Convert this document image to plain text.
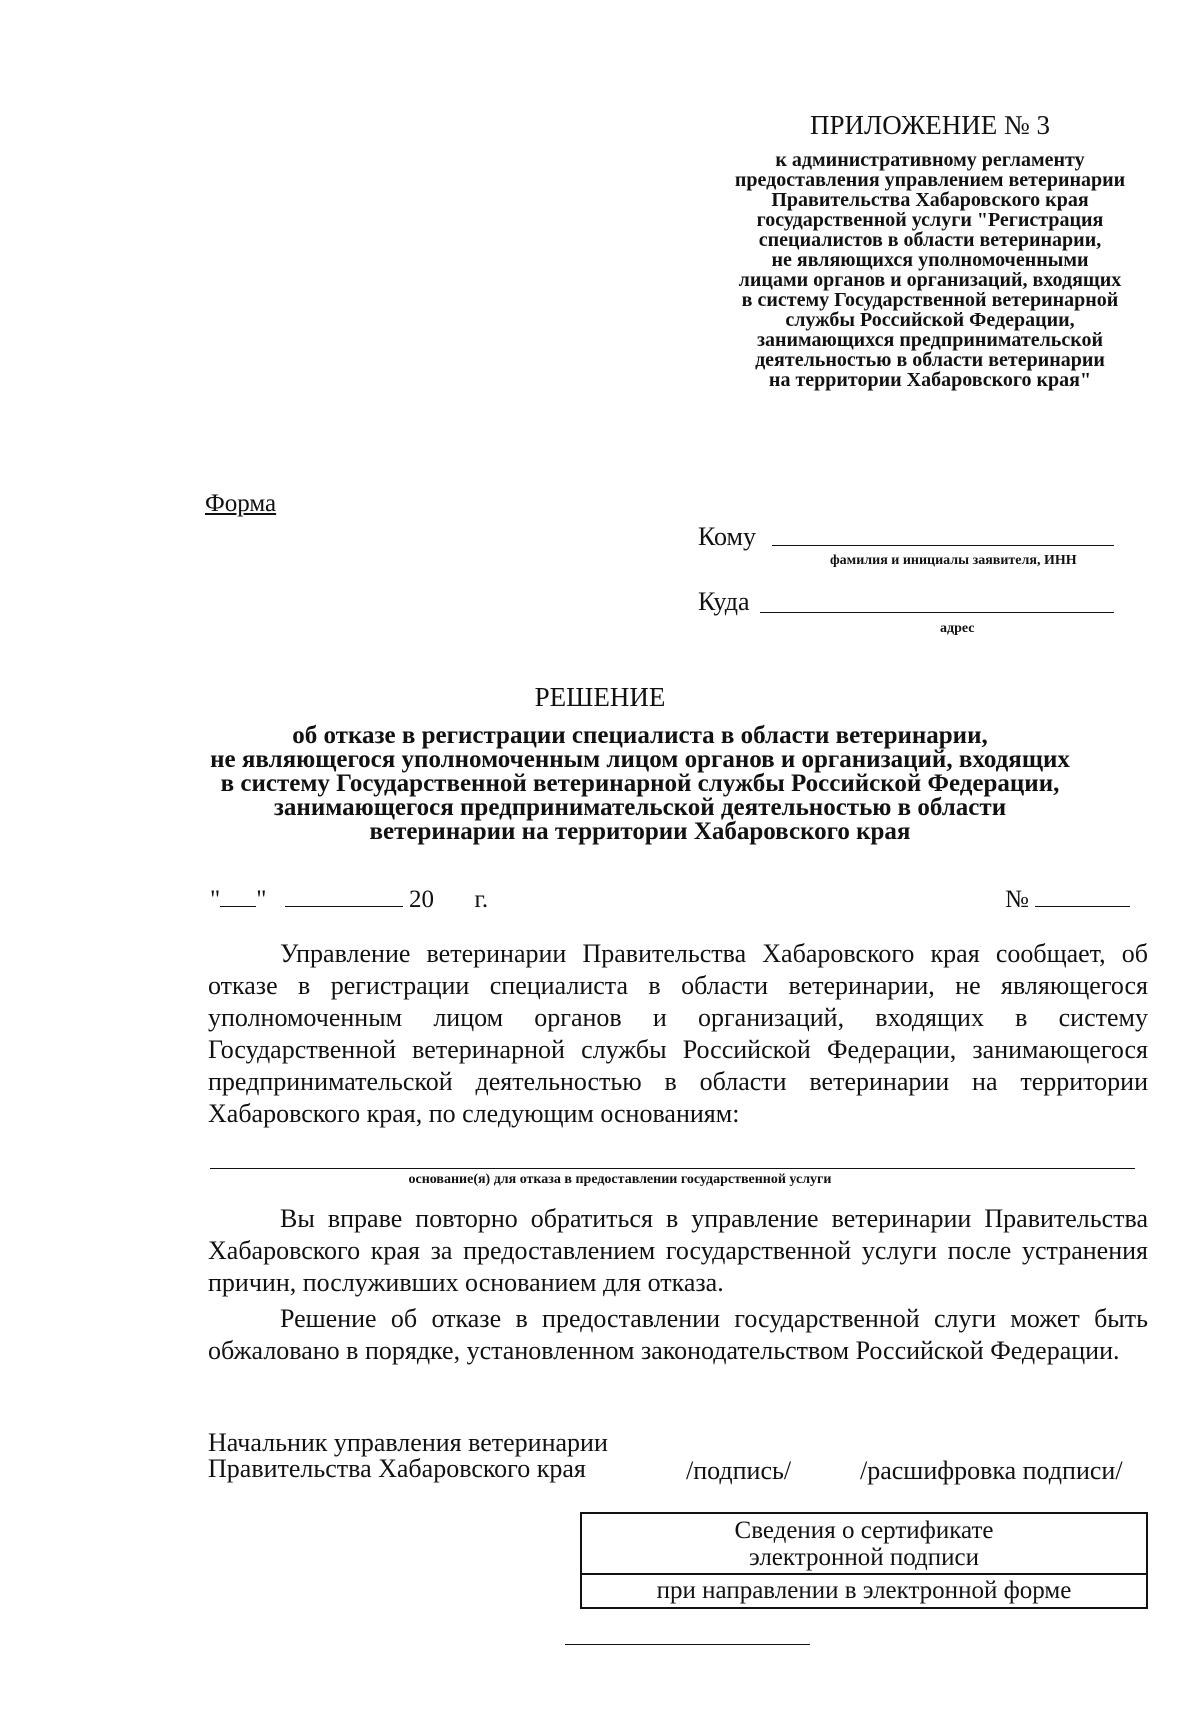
ПРИЛОЖЕНИЕ № 3
к административному регламенту
предоставления управлением ветеринарии
Правительства Хабаровского края
государственной услуги "Регистрация
специалистов в области ветеринарии,
не являющихся уполномоченными
лицами органов и организаций, входящих
в систему Государственной ветеринарной
службы Российской Федерации,
занимающихся предпринимательской
деятельностью в области ветеринарии
на территории Хабаровского края"
Форма
Кому
фамилия и инициалы заявителя, ИНН
Куда
адрес
РЕШЕНИЕ
об отказе в регистрации специалиста в области ветеринарии,
не являющегося уполномоченным лицом органов и организаций, входящих
в систему Государственной ветеринарной службы Российской Федерации,
занимающегося предпринимательской деятельностью в области
ветеринарии на территории Хабаровского края
" "	20 г.	№

Управление ветеринарии Правительства Хабаровского края сообщает, об отказе в регистрации специалиста в области ветеринарии, не являющегося уполномоченным лицом органов и организаций, входящих в систему Государственной ветеринарной службы Российской Федерации, занимающегося предпринимательской деятельностью в области ветеринарии на территории Хабаровского края, по следующим основаниям:

основание(я) для отказа в предоставлении государственной услуги

Вы вправе повторно обратиться в управление ветеринарии Правительства Хабаровского края за предоставлением государственной услуги после устранения причин, послуживших основанием для отказа.

Решение об отказе в предоставлении государственной слуги может быть обжаловано в порядке, установленном законодательством Российской Федерации.

Начальник управления ветеринарии
Правительства Хабаровского края	/подпись/	/расшифровка подписи/
Сведения о сертификате
электронной подписи
при направлении в электронной форме
